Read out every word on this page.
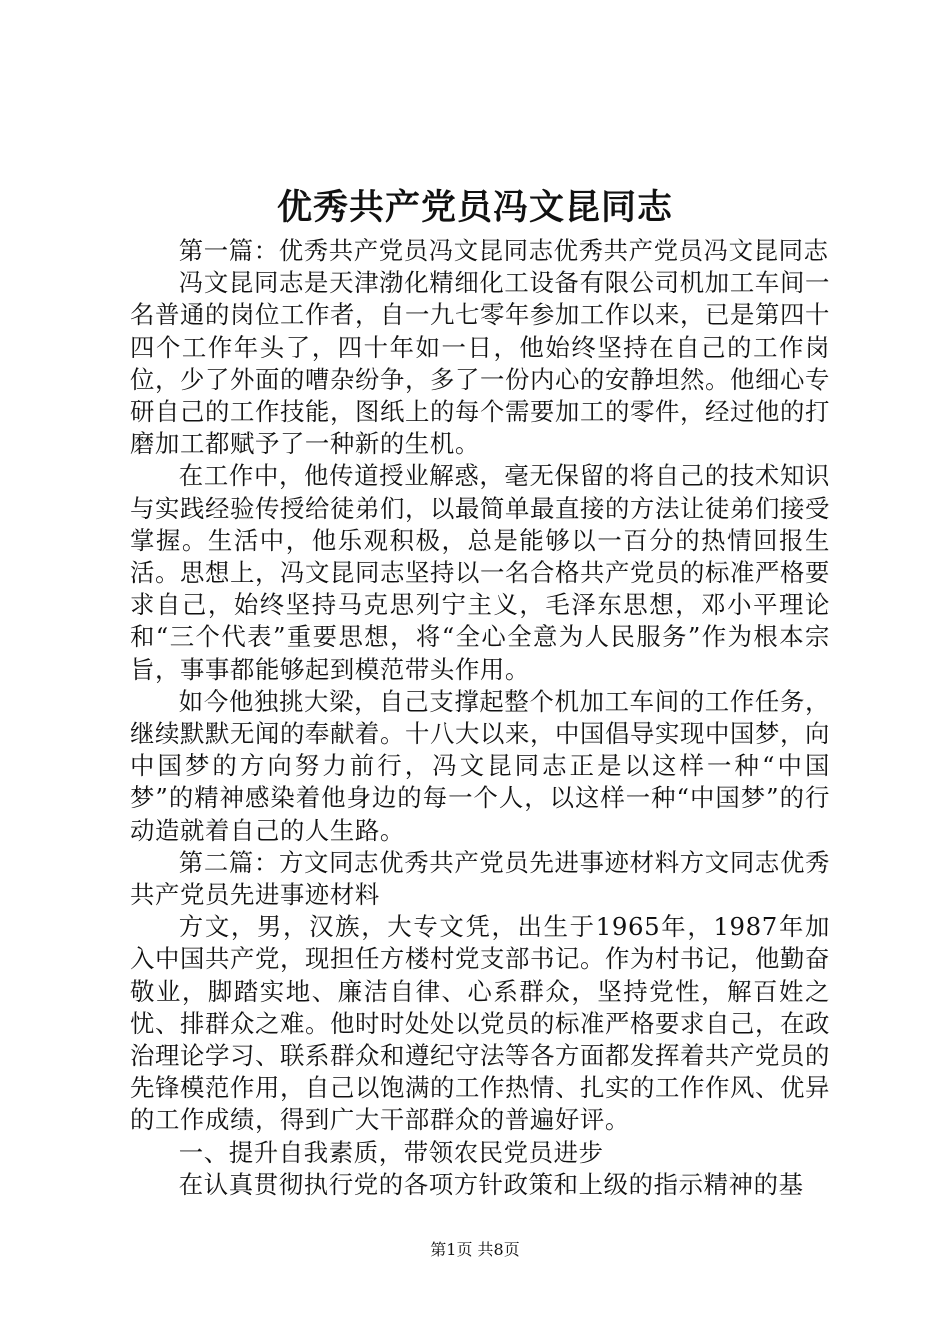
优秀共产党员冯文昆同志

第一篇：优秀共产党员冯文昆同志优秀共产党员冯文昆同志

冯文昆同志是天津渤化精细化工设备有限公司机加工车间一名普通的岗位工作者，自一九七零年参加工作以来，已是第四十四个工作年头了，四十年如一日，他始终坚持在自己的工作岗位，少了外面的嘈杂纷争，多了一份内心的安静坦然。他细心专研自己的工作技能，图纸上的每个需要加工的零件，经过他的打磨加工都赋予了一种新的生机。

在工作中，他传道授业解惑，毫无保留的将自己的技术知识与实践经验传授给徒弟们，以最简单最直接的方法让徒弟们接受掌握。生活中，他乐观积极，总是能够以一百分的热情回报生活。思想上，冯文昆同志坚持以一名合格共产党员的标准严格要求自己，始终坚持马克思列宁主义，毛泽东思想，邓小平理论和“三个代表”重要思想，将“全心全意为人民服务”作为根本宗旨，事事都能够起到模范带头作用。

如今他独挑大梁，自己支撑起整个机加工车间的工作任务，继续默默无闻的奉献着。十八大以来，中国倡导实现中国梦，向中国梦的方向努力前行，冯文昆同志正是以这样一种“中国梦”的精神感染着他身边的每一个人，以这样一种“中国梦”的行动造就着自己的人生路。

第二篇：方文同志优秀共产党员先进事迹材料方文同志优秀共产党员先进事迹材料

方文，男，汉族，大专文凭，出生于1965年，1987年加入中国共产党，现担任方楼村党支部书记。作为村书记，他勤奋敬业，脚踏实地、廉洁自律、心系群众，坚持党性，解百姓之忧、排群众之难。他时时处处以党员的标准严格要求自己，在政治理论学习、联系群众和遵纪守法等各方面都发挥着共产党员的先锋模范作用，自己以饱满的工作热情、扎实的工作作风、优异的工作成绩，得到广大干部群众的普遍好评。

一、提升自我素质，带领农民党员进步

在认真贯彻执行党的各项方针政策和上级的指示精神的基

第1页 共8页
